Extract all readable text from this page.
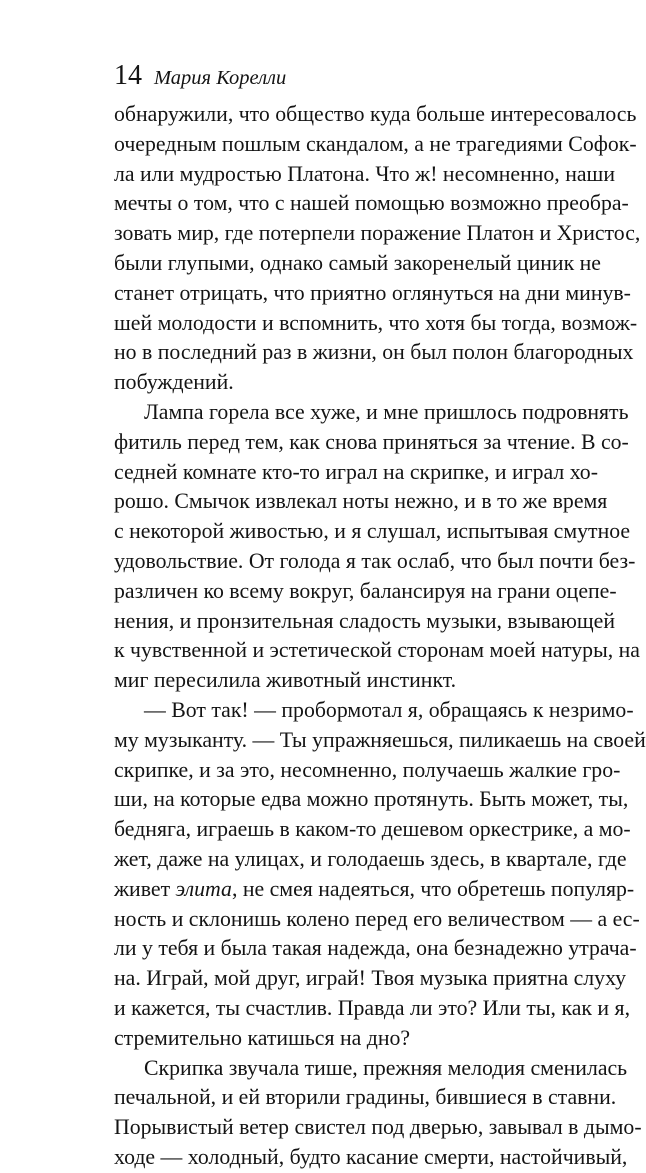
14 Мария Корелли
обнаружили, что общество куда больше интересовалось
очередным пошлым скандалом, а не трагедиями Софок-
ла или мудростью Платона. Что ж! несомненно, наши
мечты о том, что с нашей помощью возможно преобра-
зовать мир, где потерпели поражение Платон и Христос,
были глупыми, однако самый закоренелый циник не
станет отрицать, что приятно оглянуться на дни минув-
шей молодости и вспомнить, что хотя бы тогда, возмож-
но в последний раз в жизни, он был полон благородных
побуждений.
Лампа горела все хуже, и мне пришлось подровнять
фитиль перед тем, как снова приняться за чтение. В со-
седней комнате кто-то играл на скрипке, и играл хо-
рошо. Смычок извлекал ноты нежно, и в то же время
с некоторой живостью, и я слушал, испытывая смутное
удовольствие. От голода я так ослаб, что был почти без-
различен ко всему вокруг, балансируя на грани оцепе-
нения, и пронзительная сладость музыки, взывающей
к чувственной и эстетической сторонам моей натуры, на
миг пересилила животный инстинкт.
— Вот так! — пробормотал я, обращаясь к незримо-
му музыканту. — Ты упражняешься, пиликаешь на своей
скрипке, и за это, несомненно, получаешь жалкие гро-
ши, на которые едва можно протянуть. Быть может, ты,
бедняга, играешь в каком-то дешевом оркестрике, а мо-
жет, даже на улицах, и голодаешь здесь, в квартале, где
живет элита, не смея надеяться, что обретешь популяр-
ность и склонишь колено перед его величеством — а ес-
ли у тебя и была такая надежда, она безнадежно утрача-
на. Играй, мой друг, играй! Твоя музыка приятна слуху
и кажется, ты счастлив. Правда ли это? Или ты, как и я,
стремительно катишься на дно?
Скрипка звучала тише, прежняя мелодия сменилась
печальной, и ей вторили градины, бившиеся в ставни.
Порывистый ветер свистел под дверью, завывал в дымо-
ходе — холодный, будто касание смерти, настойчивый,
